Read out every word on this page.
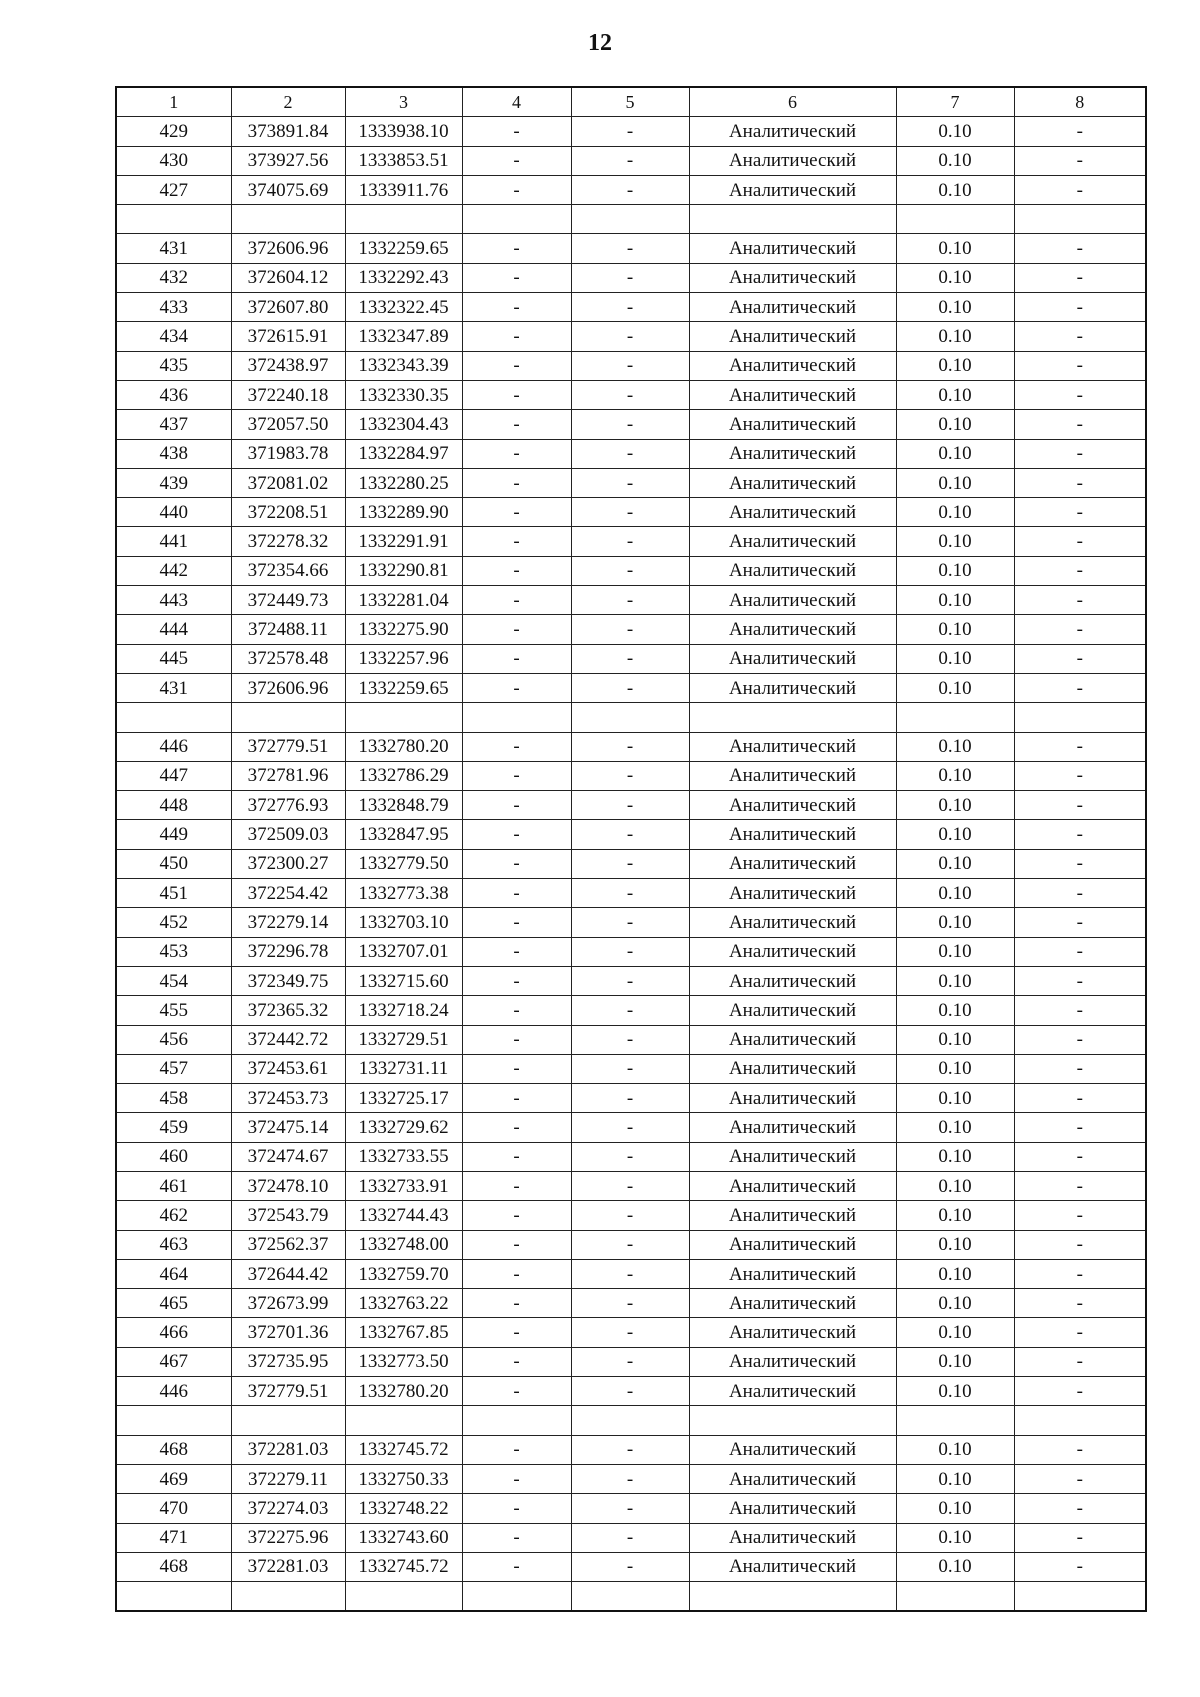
12
1	2	3	4	5	6	7	8
429	373891.84	1333938.10	-	-	Аналитический	0.10	-
430	373927.56	1333853.51	-	-	Аналитический	0.10	-
427	374075.69	1333911.76	-	-	Аналитический	0.10	-

431	372606.96	1332259.65	-	-	Аналитический	0.10	-
432	372604.12	1332292.43	-	-	Аналитический	0.10	-
433	372607.80	1332322.45	-	-	Аналитический	0.10	-
434	372615.91	1332347.89	-	-	Аналитический	0.10	-
435	372438.97	1332343.39	-	-	Аналитический	0.10	-
436	372240.18	1332330.35	-	-	Аналитический	0.10	-
437	372057.50	1332304.43	-	-	Аналитический	0.10	-
438	371983.78	1332284.97	-	-	Аналитический	0.10	-
439	372081.02	1332280.25	-	-	Аналитический	0.10	-
440	372208.51	1332289.90	-	-	Аналитический	0.10	-
441	372278.32	1332291.91	-	-	Аналитический	0.10	-
442	372354.66	1332290.81	-	-	Аналитический	0.10	-
443	372449.73	1332281.04	-	-	Аналитический	0.10	-
444	372488.11	1332275.90	-	-	Аналитический	0.10	-
445	372578.48	1332257.96	-	-	Аналитический	0.10	-
431	372606.96	1332259.65	-	-	Аналитический	0.10	-

446	372779.51	1332780.20	-	-	Аналитический	0.10	-
447	372781.96	1332786.29	-	-	Аналитический	0.10	-
448	372776.93	1332848.79	-	-	Аналитический	0.10	-
449	372509.03	1332847.95	-	-	Аналитический	0.10	-
450	372300.27	1332779.50	-	-	Аналитический	0.10	-
451	372254.42	1332773.38	-	-	Аналитический	0.10	-
452	372279.14	1332703.10	-	-	Аналитический	0.10	-
453	372296.78	1332707.01	-	-	Аналитический	0.10	-
454	372349.75	1332715.60	-	-	Аналитический	0.10	-
455	372365.32	1332718.24	-	-	Аналитический	0.10	-
456	372442.72	1332729.51	-	-	Аналитический	0.10	-
457	372453.61	1332731.11	-	-	Аналитический	0.10	-
458	372453.73	1332725.17	-	-	Аналитический	0.10	-
459	372475.14	1332729.62	-	-	Аналитический	0.10	-
460	372474.67	1332733.55	-	-	Аналитический	0.10	-
461	372478.10	1332733.91	-	-	Аналитический	0.10	-
462	372543.79	1332744.43	-	-	Аналитический	0.10	-
463	372562.37	1332748.00	-	-	Аналитический	0.10	-
464	372644.42	1332759.70	-	-	Аналитический	0.10	-
465	372673.99	1332763.22	-	-	Аналитический	0.10	-
466	372701.36	1332767.85	-	-	Аналитический	0.10	-
467	372735.95	1332773.50	-	-	Аналитический	0.10	-
446	372779.51	1332780.20	-	-	Аналитический	0.10	-

468	372281.03	1332745.72	-	-	Аналитический	0.10	-
469	372279.11	1332750.33	-	-	Аналитический	0.10	-
470	372274.03	1332748.22	-	-	Аналитический	0.10	-
471	372275.96	1332743.60	-	-	Аналитический	0.10	-
468	372281.03	1332745.72	-	-	Аналитический	0.10	-
